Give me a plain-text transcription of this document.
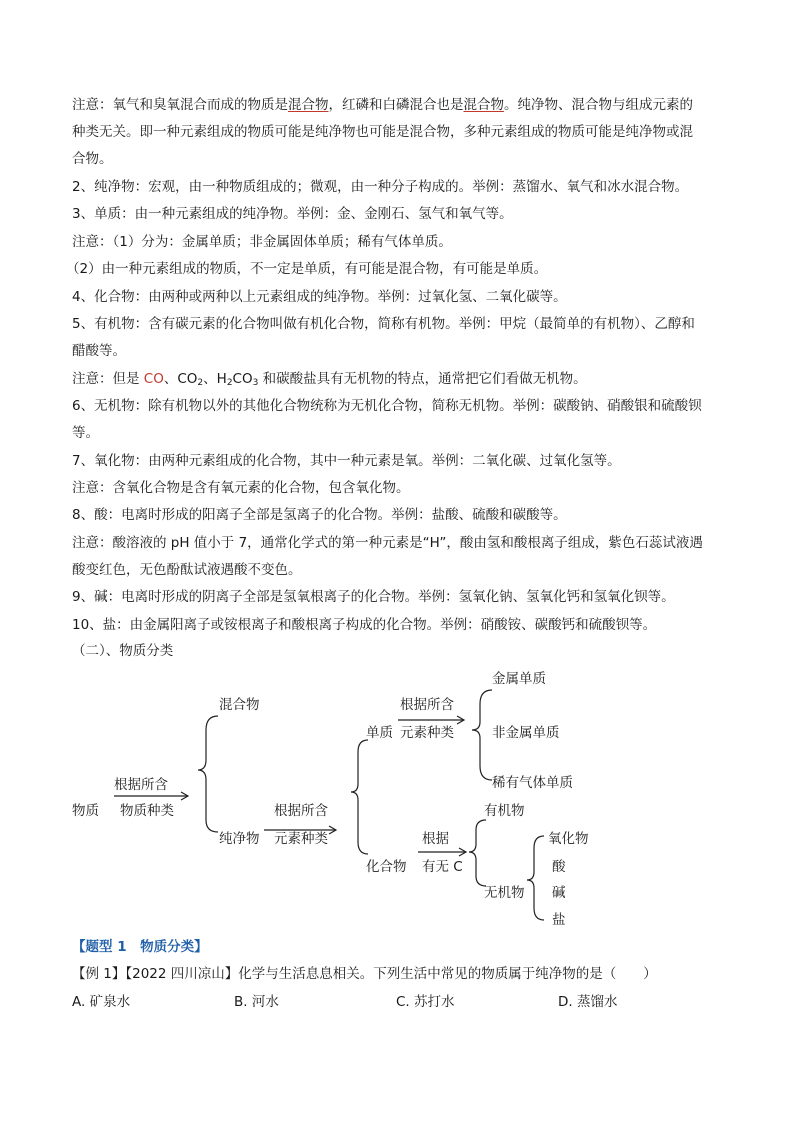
注意：氧气和臭氧混合而成的物质是混合物，红磷和白磷混合也是混合物。纯净物、混合物与组成元素的
种类无关。即一种元素组成的物质可能是纯净物也可能是混合物，多种元素组成的物质可能是纯净物或混
合物。
2、纯净物：宏观，由一种物质组成的；微观，由一种分子构成的。举例：蒸馏水、氧气和冰水混合物。
3、单质：由一种元素组成的纯净物。举例：金、金刚石、氢气和氧气等。
注意：（1）分为：金属单质；非金属固体单质；稀有气体单质。
（2）由一种元素组成的物质，不一定是单质，有可能是混合物，有可能是单质。
4、化合物：由两种或两种以上元素组成的纯净物。举例：过氧化氢、二氧化碳等。
5、有机物：含有碳元素的化合物叫做有机化合物，简称有机物。举例：甲烷（最简单的有机物）、乙醇和
醋酸等。
注意：但是 CO、$CO_2$、$H_2CO_3$ 和碳酸盐具有无机物的特点，通常把它们看做无机物。
6、无机物：除有机物以外的其他化合物统称为无机化合物，简称无机物。举例：碳酸钠、硝酸银和硫酸钡
等。
7、氧化物：由两种元素组成的化合物，其中一种元素是氧。举例：二氧化碳、过氧化氢等。
注意：含氧化合物是含有氧元素的化合物，包含氧化物。
8、酸：电离时形成的阳离子全部是氢离子的化合物。举例：盐酸、硫酸和碳酸等。
注意：酸溶液的 pH 值小于 7，通常化学式的第一种元素是“H”，酸由氢和酸根离子组成，紫色石蕊试液遇
酸变红色，无色酚酞试液遇酸不变色。
9、碱：电离时形成的阴离子全部是氢氧根离子的化合物。举例：氢氧化钠、氢氧化钙和氢氧化钡等。
10、盐：由金属阳离子或铵根离子和酸根离子构成的化合物。举例：硝酸铵、碳酸钙和硫酸钡等。
（二）、物质分类
物质
根据所含
物质种类
混合物
纯净物
根据所含
元素种类
单质
化合物
根据所含
元素种类
金属单质
非金属单质
稀有气体单质
根据
有无 C
有机物
无机物
氧化物
酸
碱
盐
【题型 1　物质分类】
【例 1】【2022 四川凉山】化学与生活息息相关。下列生活中常见的物质属于纯净物的是（　　）
A. 矿泉水	B. 河水	C. 苏打水	D. 蒸馏水
